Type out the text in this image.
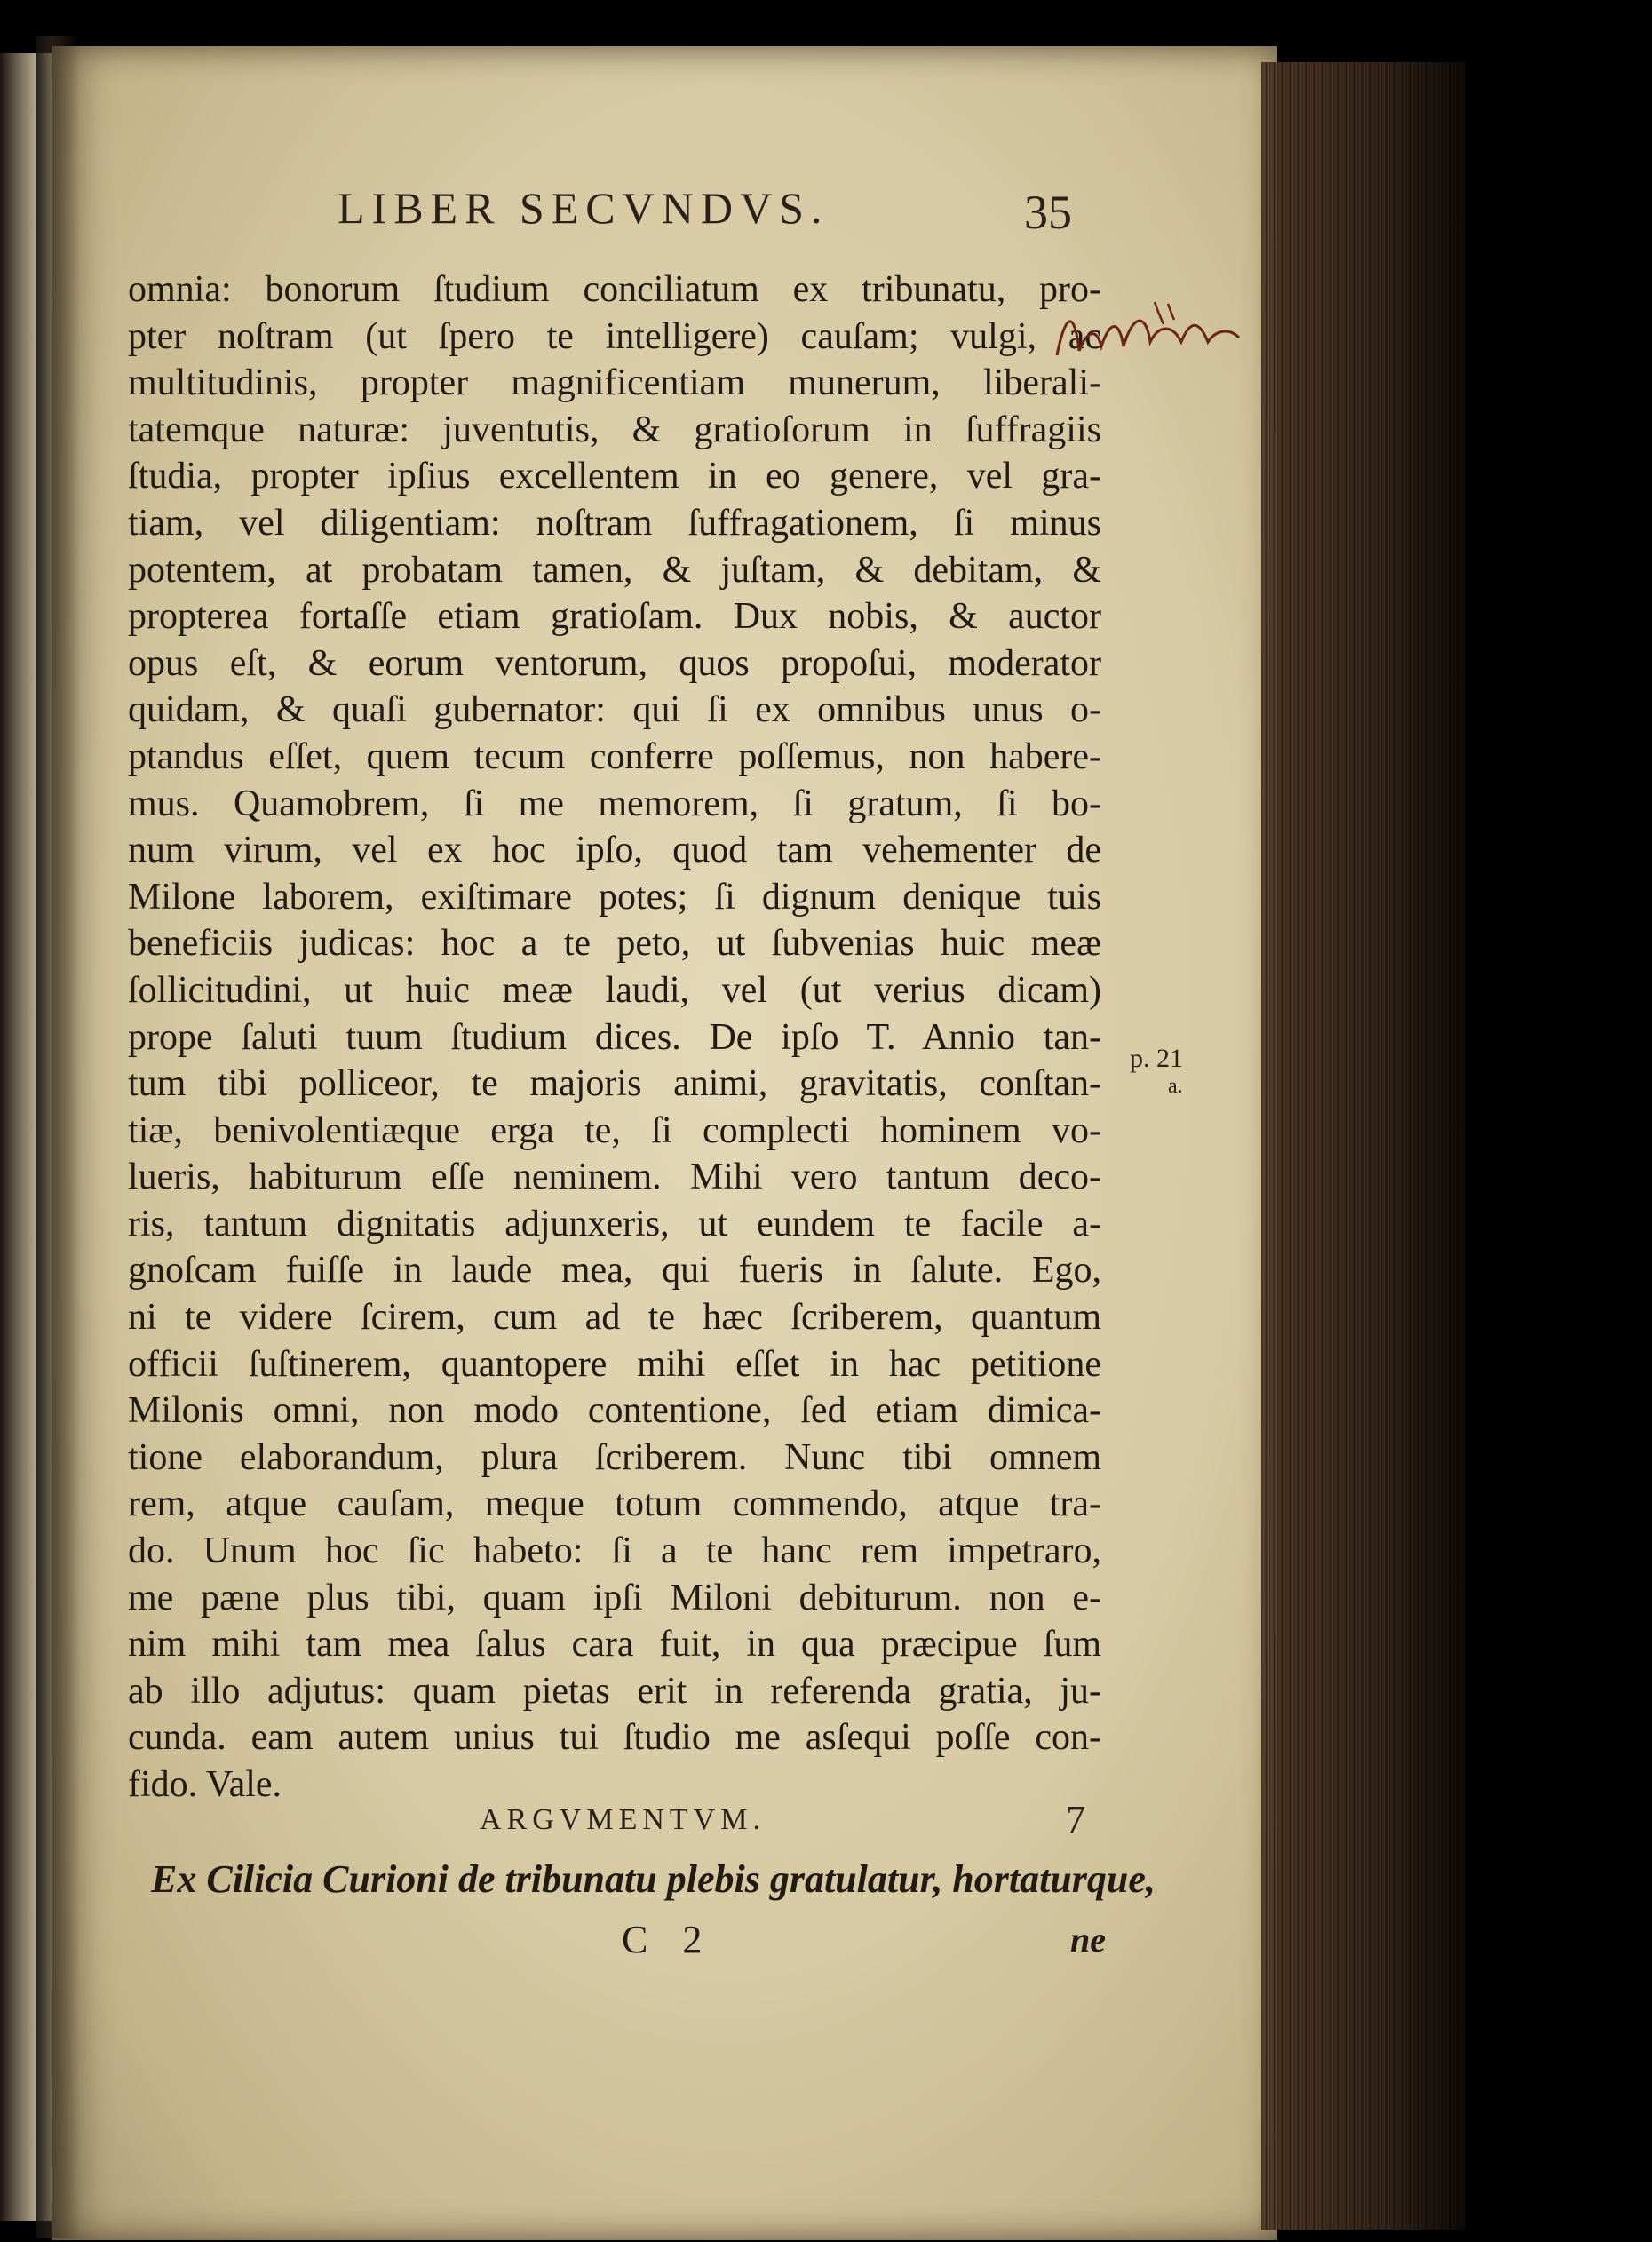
LIBER SECVNDVS.	35
omnia: bonorum ſtudium conciliatum ex tribunatu, pro-
pter noſtram (ut ſpero te intelligere) cauſam; vulgi, ac
multitudinis, propter magnificentiam munerum, liberali-
tatemque naturæ: juventutis, & gratioſorum in ſuffragiis
ſtudia, propter ipſius excellentem in eo genere, vel gra-
tiam, vel diligentiam: noſtram ſuffragationem, ſi minus
potentem, at probatam tamen, & juſtam, & debitam, &
propterea fortaſſe etiam gratioſam. Dux nobis, & auctor
opus eſt, & eorum ventorum, quos propoſui, moderator
quidam, & quaſi gubernator: qui ſi ex omnibus unus o-
ptandus eſſet, quem tecum conferre poſſemus, non habere-
mus. Quamobrem, ſi me memorem, ſi gratum, ſi bo-
num virum, vel ex hoc ipſo, quod tam vehementer de
Milone laborem, exiſtimare potes; ſi dignum denique tuis
beneficiis judicas: hoc a te peto, ut ſubvenias huic meæ
ſollicitudini, ut huic meæ laudi, vel (ut verius dicam)
prope ſaluti tuum ſtudium dices. De ipſo T. Annio tan-
tum tibi polliceor, te majoris animi, gravitatis, conſtan-
tiæ, benivolentiæque erga te, ſi complecti hominem vo-
lueris, habiturum eſſe neminem. Mihi vero tantum deco-
ris, tantum dignitatis adjunxeris, ut eundem te facile a-
gnoſcam fuiſſe in laude mea, qui fueris in ſalute. Ego,
ni te videre ſcirem, cum ad te hæc ſcriberem, quantum
officii ſuſtinerem, quantopere mihi eſſet in hac petitione
Milonis omni, non modo contentione, ſed etiam dimica-
tione elaborandum, plura ſcriberem. Nunc tibi omnem
rem, atque cauſam, meque totum commendo, atque tra-
do. Unum hoc ſic habeto: ſi a te hanc rem impetraro,
me pæne plus tibi, quam ipſi Miloni debiturum. non e-
nim mihi tam mea ſalus cara fuit, in qua præcipue ſum
ab illo adjutus: quam pietas erit in referenda gratia, ju-
cunda. eam autem unius tui ſtudio me asſequi poſſe con-
fido. Vale.
p. 21
a.
ARGVMENTVM.	7
Ex Cilicia Curioni de tribunatu plebis gratulatur, hortaturque,
C 2	ne
